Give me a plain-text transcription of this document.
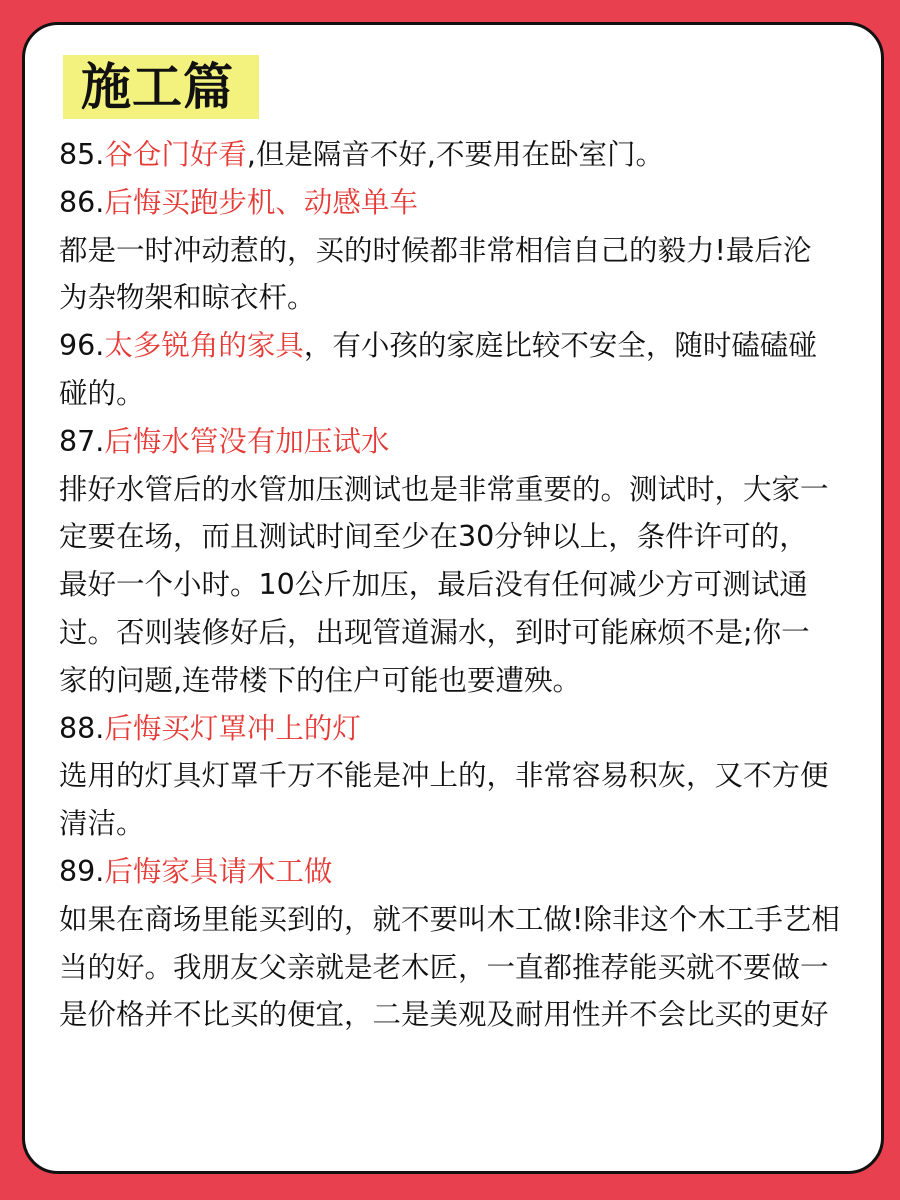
施工篇
85.谷仓门好看,但是隔音不好,不要用在卧室门。
86.后悔买跑步机、动感单车
都是一时冲动惹的，买的时候都非常相信自己的毅力!最后沦
为杂物架和晾衣杆。
96.太多锐角的家具，有小孩的家庭比较不安全，随时磕磕碰
碰的。
87.后悔水管没有加压试水
排好水管后的水管加压测试也是非常重要的。测试时，大家一
定要在场，而且测试时间至少在30分钟以上，条件许可的，
最好一个小时。10公斤加压，最后没有任何减少方可测试通
过。否则装修好后，出现管道漏水，到时可能麻烦不是;你一
家的问题,连带楼下的住户可能也要遭殃。
88.后悔买灯罩冲上的灯
选用的灯具灯罩千万不能是冲上的，非常容易积灰，又不方便
清洁。
89.后悔家具请木工做
如果在商场里能买到的，就不要叫木工做!除非这个木工手艺相
当的好。我朋友父亲就是老木匠，一直都推荐能买就不要做一
是价格并不比买的便宜，二是美观及耐用性并不会比买的更好
